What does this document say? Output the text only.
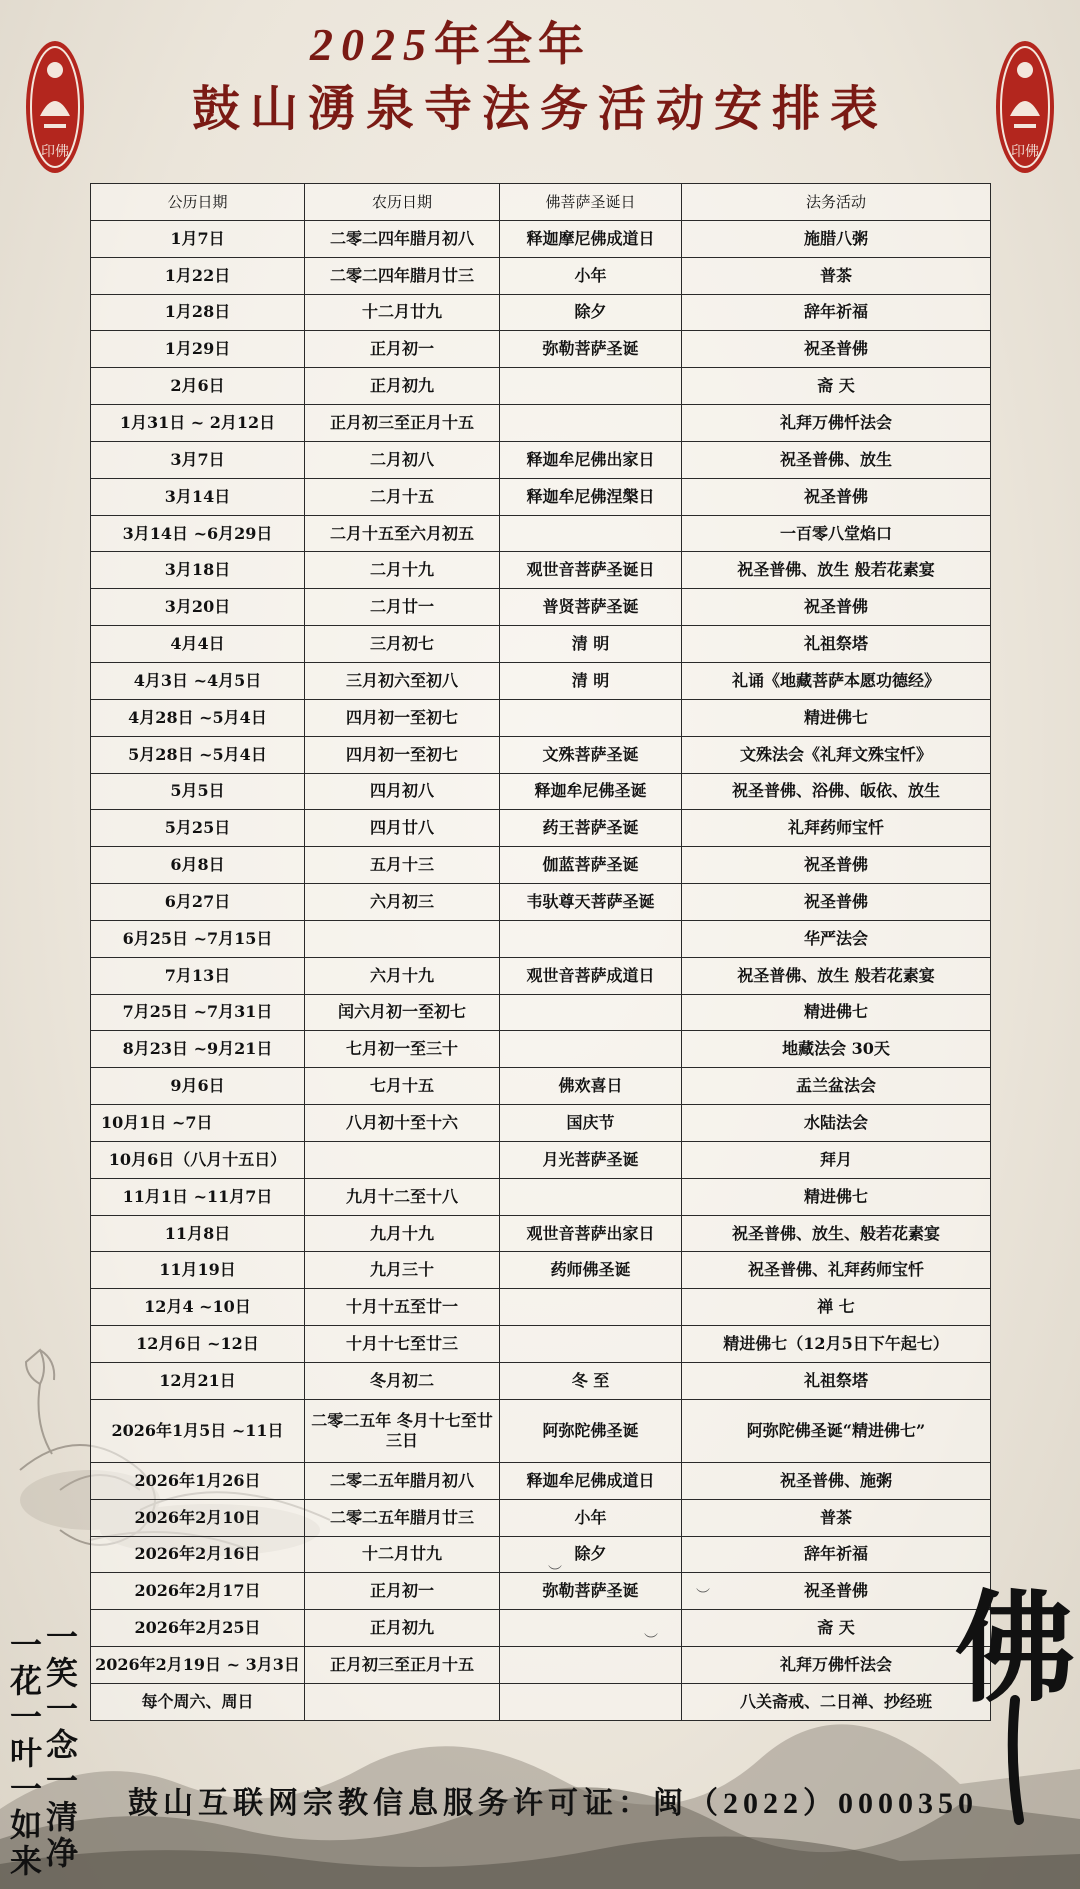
印佛	印佛
2025年全年
鼓山湧泉寺法务活动安排表
公历日期	农历日期	佛菩萨圣诞日	法务活动
1月7日	二零二四年腊月初八	释迦摩尼佛成道日	施腊八粥
1月22日	二零二四年腊月廿三	小年	普茶
1月28日	十二月廿九	除夕	辞年祈福
1月29日	正月初一	弥勒菩萨圣诞	祝圣普佛
2月6日	正月初九		斋 天
1月31日 ~ 2月12日	正月初三至正月十五		礼拜万佛忏法会
3月7日	二月初八	释迦牟尼佛出家日	祝圣普佛、放生
3月14日	二月十五	释迦牟尼佛涅槃日	祝圣普佛
3月14日 ~6月29日	二月十五至六月初五		一百零八堂焰口
3月18日	二月十九	观世音菩萨圣诞日	祝圣普佛、放生 般若花素宴
3月20日	二月廿一	普贤菩萨圣诞	祝圣普佛
4月4日	三月初七	清 明	礼祖祭塔
4月3日 ~4月5日	三月初六至初八	清 明	礼诵《地藏菩萨本愿功德经》
4月28日 ~5月4日	四月初一至初七		精进佛七
5月28日 ~5月4日	四月初一至初七	文殊菩萨圣诞	文殊法会《礼拜文殊宝忏》
5月5日	四月初八	释迦牟尼佛圣诞	祝圣普佛、浴佛、皈依、放生
5月25日	四月廿八	药王菩萨圣诞	礼拜药师宝忏
6月8日	五月十三	伽蓝菩萨圣诞	祝圣普佛
6月27日	六月初三	韦驮尊天菩萨圣诞	祝圣普佛
6月25日 ~7月15日			华严法会
7月13日	六月十九	观世音菩萨成道日	祝圣普佛、放生 般若花素宴
7月25日 ~7月31日	闰六月初一至初七		精进佛七
8月23日 ~9月21日	七月初一至三十		地藏法会 30天
9月6日	七月十五	佛欢喜日	盂兰盆法会
10月1日 ~7日	八月初十至十六	国庆节	水陆法会
10月6日（八月十五日）		月光菩萨圣诞	拜月
11月1日 ~11月7日	九月十二至十八		精进佛七
11月8日	九月十九	观世音菩萨出家日	祝圣普佛、放生、般若花素宴
11月19日	九月三十	药师佛圣诞	祝圣普佛、礼拜药师宝忏
12月4 ~10日	十月十五至廿一		禅 七
12月6日 ~12日	十月十七至廿三		精进佛七（12月5日下午起七）
12月21日	冬月初二	冬 至	礼祖祭塔
2026年1月5日 ~11日	二零二五年 冬月十七至廿三日	阿弥陀佛圣诞	阿弥陀佛圣诞“精进佛七”
2026年1月26日	二零二五年腊月初八	释迦牟尼佛成道日	祝圣普佛、施粥
2026年2月10日	二零二五年腊月廿三	小年	普茶
2026年2月16日	十二月廿九	除夕	辞年祈福
2026年2月17日	正月初一	弥勒菩萨圣诞	祝圣普佛
2026年2月25日	正月初九		斋 天
2026年2月19日 ~ 3月3日	正月初三至正月十五		礼拜万佛忏法会
每个周六、周日			八关斋戒、二日禅、抄经班
一花一叶一如来
一笑一念一清净	佛
︶
︶
︶
鼓山互联网宗教信息服务许可证：闽（2022）0000350
